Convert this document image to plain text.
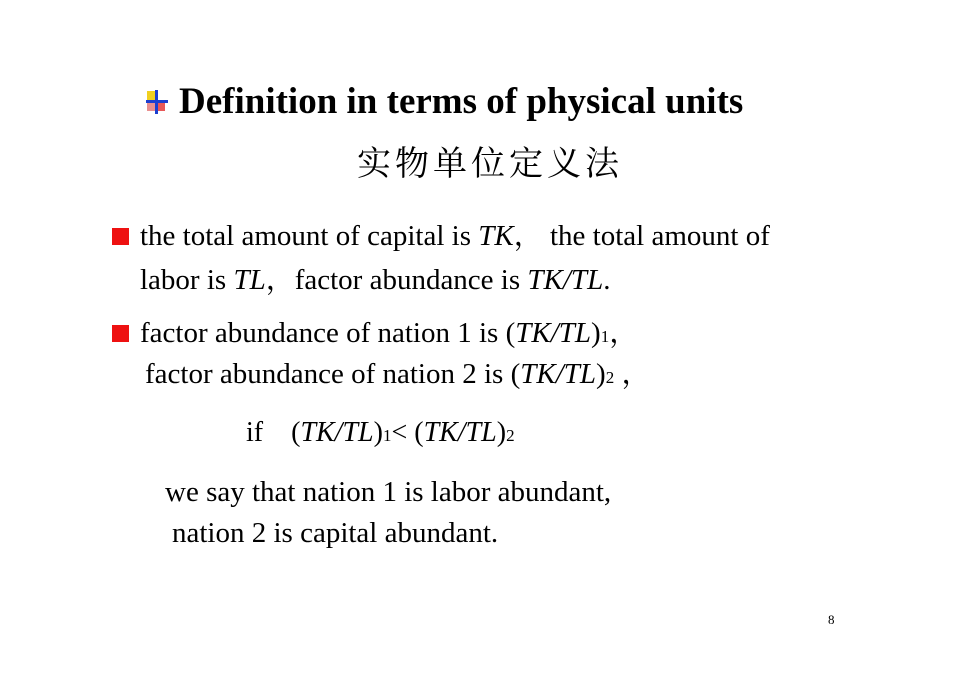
Definition in terms of physical units
实物单位定义法
the total amount of capital is TK， the total amount of
labor is TL，factor abundance is TK/TL.
factor abundance of nation 1 is (TK/TL)1，
factor abundance of nation 2 is (TK/TL)2 ，
if (TK/TL)1< (TK/TL)2
we say that nation 1 is labor abundant,
nation 2 is capital abundant.
8
